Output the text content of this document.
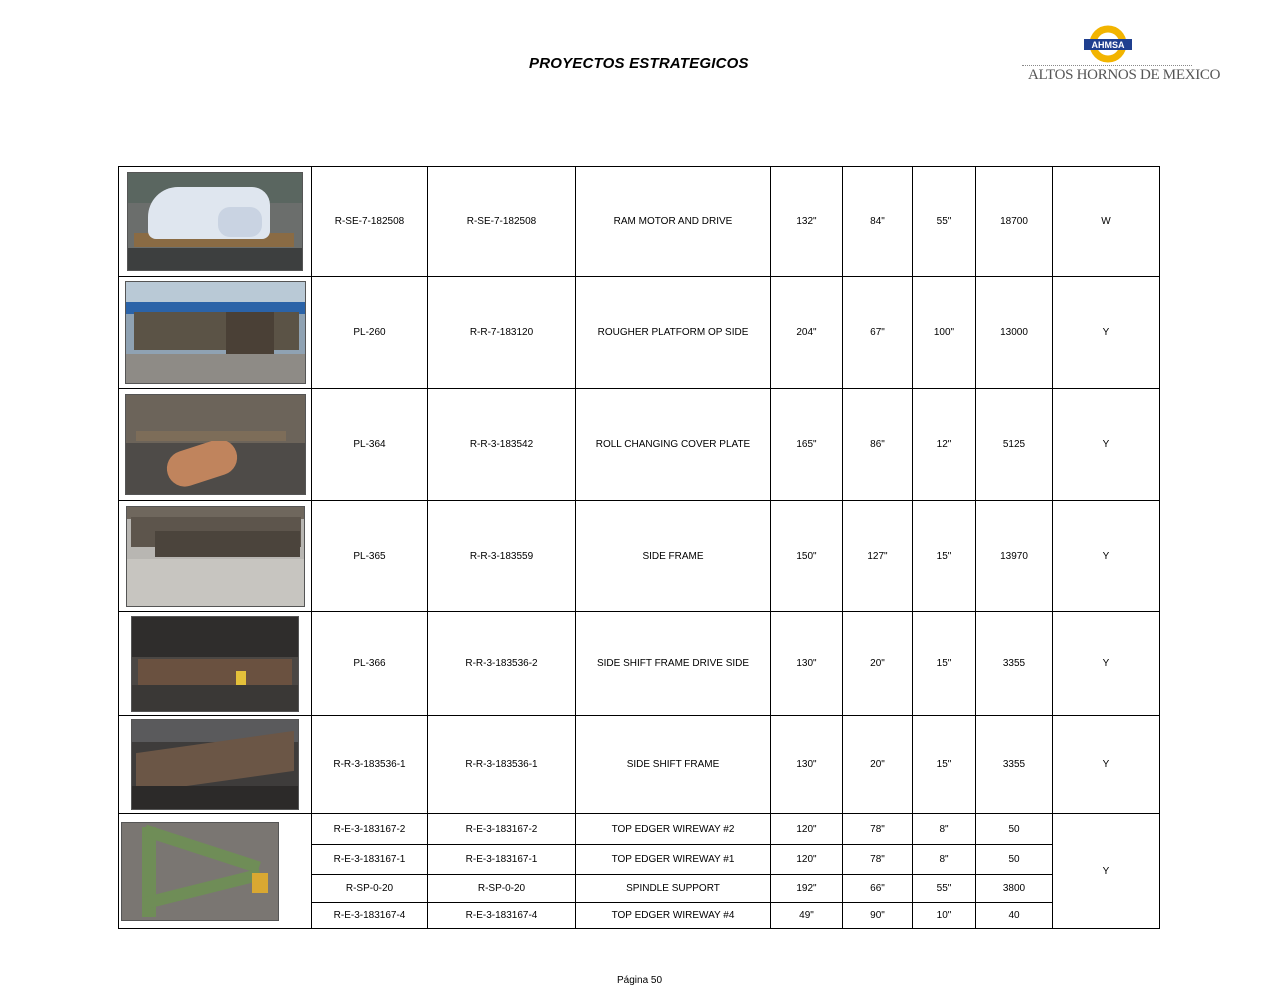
PROYECTOS ESTRATEGICOS
AHMSA
ALTOS HORNOS DE MEXICO
	R-SE-7-182508	R-SE-7-182508	RAM MOTOR AND DRIVE	132"	84"	55"	18700	W

	PL-260	R-R-7-183120	ROUGHER PLATFORM OP SIDE	204"	67"	100"	13000	Y

	PL-364	R-R-3-183542	ROLL CHANGING COVER PLATE	165"	86"	12"	5125	Y

	PL-365	R-R-3-183559	SIDE FRAME	150"	127"	15"	13970	Y

	PL-366	R-R-3-183536-2	SIDE SHIFT FRAME DRIVE SIDE	130"	20"	15"	3355	Y

	R-R-3-183536-1	R-R-3-183536-1	SIDE SHIFT FRAME	130"	20"	15"	3355	Y

	R-E-3-183167-2	R-E-3-183167-2	TOP EDGER WIREWAY #2	120"	78"	8"	50	Y
	R-E-3-183167-1	R-E-3-183167-1	TOP EDGER WIREWAY #1	120"	78"	8"	50	
	R-SP-0-20	R-SP-0-20	SPINDLE SUPPORT	192"	66"	55"	3800	
	R-E-3-183167-4	R-E-3-183167-4	TOP EDGER WIREWAY #4	49"	90"	10"	40	
Página 50
